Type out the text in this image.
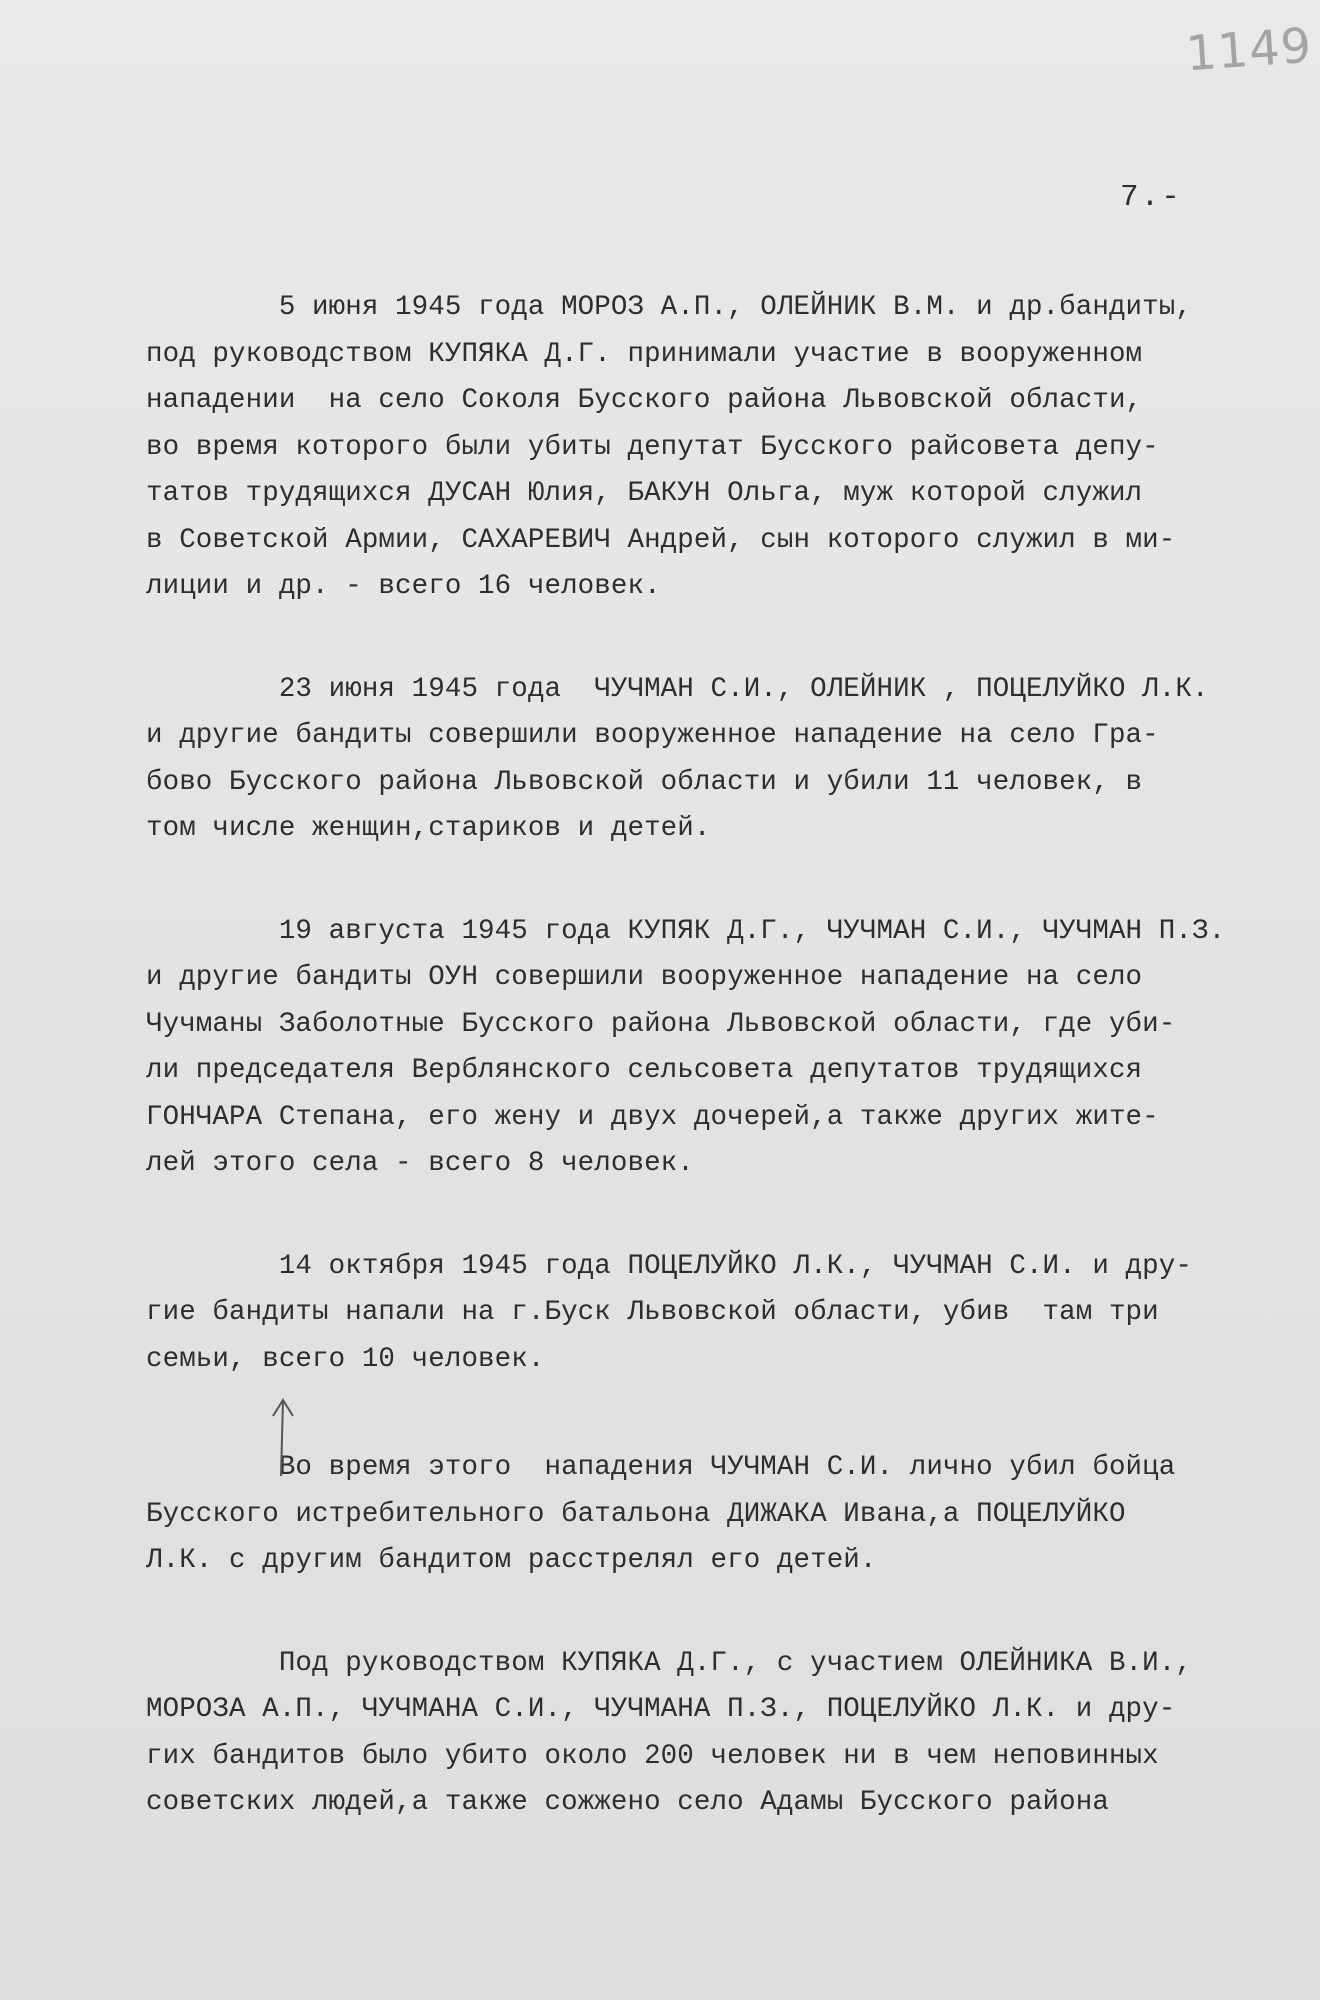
1149
7.-
5 июня 1945 года МОРОЗ А.П., ОЛЕЙНИК В.М. и др.бандиты,
под руководством КУПЯКА Д.Г. принимали участие в вооруженном
нападении  на село Соколя Бусского района Львовской области,
во время которого были убиты депутат Бусского райсовета депу-
татов трудящихся ДУСАН Юлия, БАКУН Ольга, муж которой служил
в Советской Армии, САХАРЕВИЧ Андрей, сын которого служил в ми-
лиции и др. - всего 16 человек.
23 июня 1945 года  ЧУЧМАН С.И., ОЛЕЙНИК , ПОЦЕЛУЙКО Л.К.
и другие бандиты совершили вооруженное нападение на село Гра-
бово Бусского района Львовской области и убили 11 человек, в
том числе женщин,стариков и детей.
19 августа 1945 года КУПЯК Д.Г., ЧУЧМАН С.И., ЧУЧМАН П.З.
и другие бандиты ОУН совершили вооруженное нападение на село
Чучманы Заболотные Бусского района Львовской области, где уби-
ли председателя Верблянского сельсовета депутатов трудящихся
ГОНЧАРА Степана, его жену и двух дочерей,а также других жите-
лей этого села - всего 8 человек.
14 октября 1945 года ПОЦЕЛУЙКО Л.К., ЧУЧМАН С.И. и дру-
гие бандиты напали на г.Буск Львовской области, убив  там три
семьи, всего 10 человек.
Во время этого  нападения ЧУЧМАН С.И. лично убил бойца
Бусского истребительного батальона ДИЖАКА Ивана,а ПОЦЕЛУЙКО
Л.К. с другим бандитом расстрелял его детей.
Под руководством КУПЯКА Д.Г., с участием ОЛЕЙНИКА В.И.,
МОРОЗА А.П., ЧУЧМАНА С.И., ЧУЧМАНА П.З., ПОЦЕЛУЙКО Л.К. и дру-
гих бандитов было убито около 200 человек ни в чем неповинных
советских людей,а также сожжено село Адамы Бусского района
